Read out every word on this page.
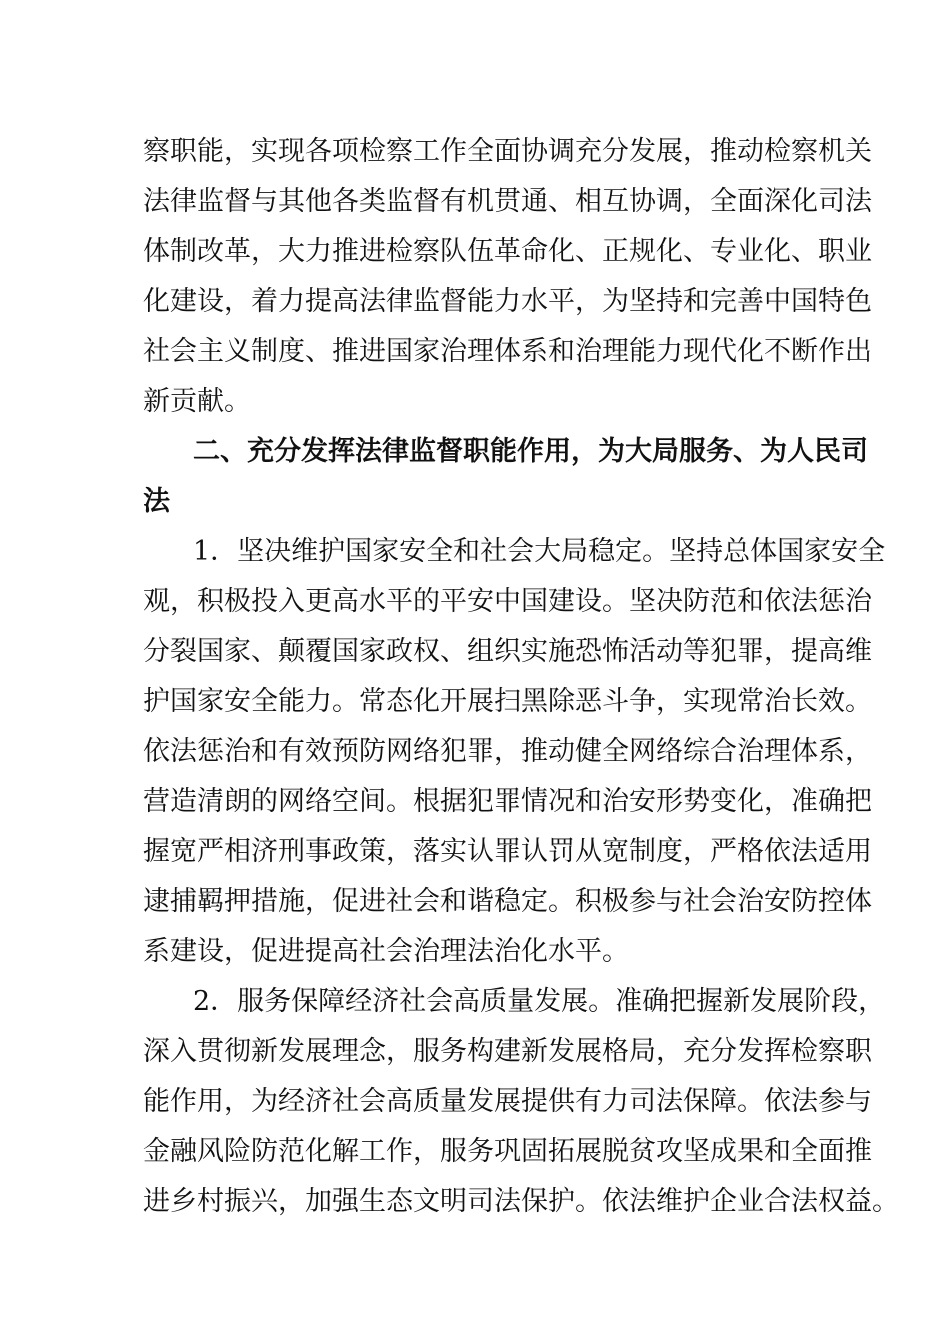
察职能，实现各项检察工作全面协调充分发展，推动检察机关
法律监督与其他各类监督有机贯通、相互协调，全面深化司法
体制改革，大力推进检察队伍革命化、正规化、专业化、职业
化建设，着力提高法律监督能力水平，为坚持和完善中国特色
社会主义制度、推进国家治理体系和治理能力现代化不断作出
新贡献。
二、充分发挥法律监督职能作用，为大局服务、为人民司
法
1．坚决维护国家安全和社会大局稳定。坚持总体国家安全
观，积极投入更高水平的平安中国建设。坚决防范和依法惩治
分裂国家、颠覆国家政权、组织实施恐怖活动等犯罪，提高维
护国家安全能力。常态化开展扫黑除恶斗争，实现常治长效。
依法惩治和有效预防网络犯罪，推动健全网络综合治理体系，
营造清朗的网络空间。根据犯罪情况和治安形势变化，准确把
握宽严相济刑事政策，落实认罪认罚从宽制度，严格依法适用
逮捕羁押措施，促进社会和谐稳定。积极参与社会治安防控体
系建设，促进提高社会治理法治化水平。
2．服务保障经济社会高质量发展。准确把握新发展阶段，
深入贯彻新发展理念，服务构建新发展格局，充分发挥检察职
能作用，为经济社会高质量发展提供有力司法保障。依法参与
金融风险防范化解工作，服务巩固拓展脱贫攻坚成果和全面推
进乡村振兴，加强生态文明司法保护。依法维护企业合法权益。
